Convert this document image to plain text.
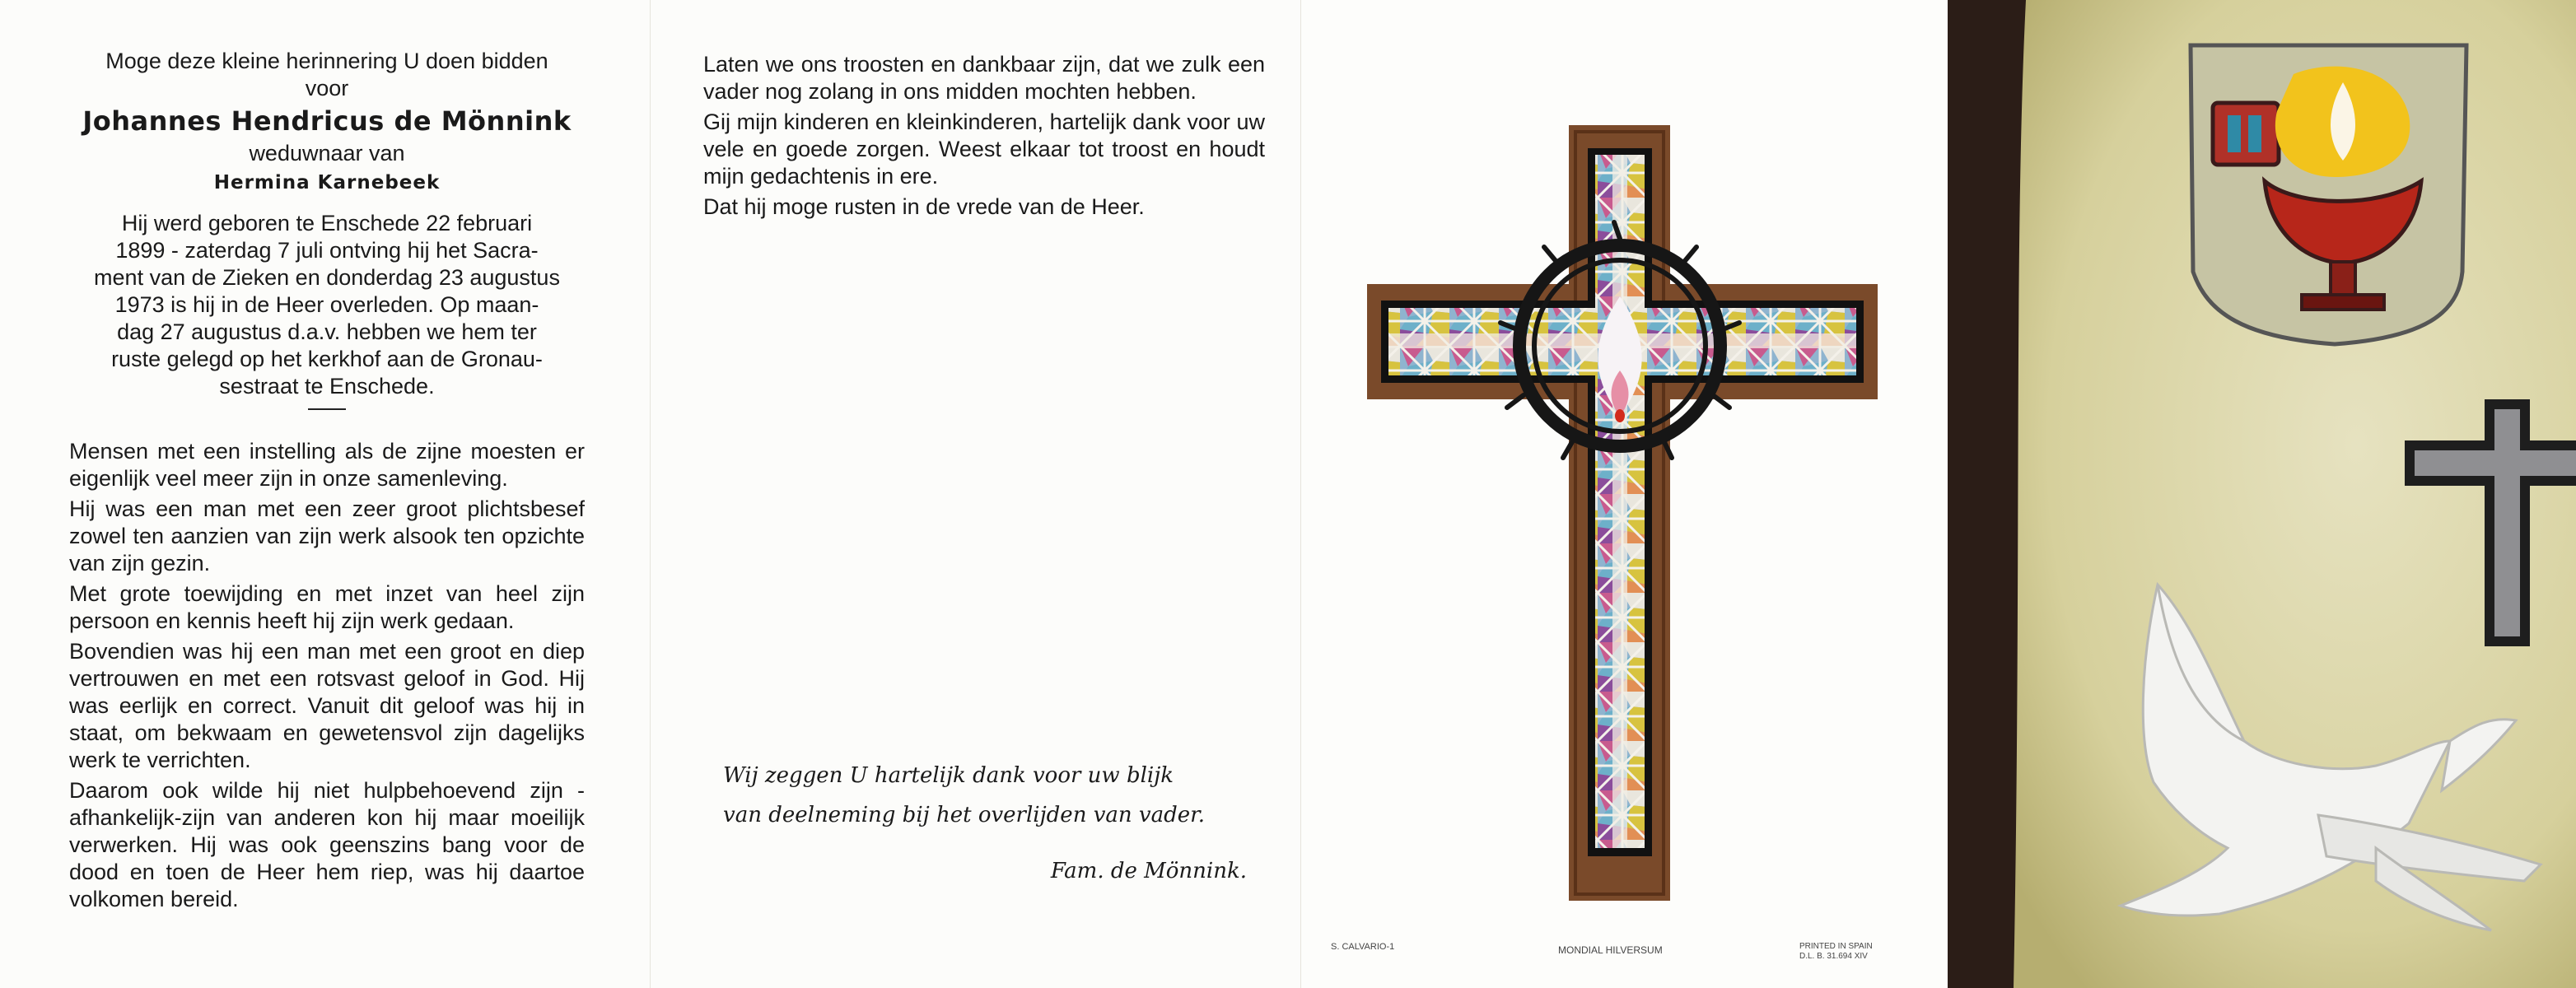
Moge deze kleine herinnering U doen bidden
voor
Johannes Hendricus de Mönnink
weduwnaar van
Hermina Karnebeek
Hij werd geboren te Enschede 22 februari
1899 - zaterdag 7 juli ontving hij het Sacra-
ment van de Zieken en donderdag 23 augustus
1973 is hij in de Heer overleden. Op maan-
dag 27 augustus d.a.v. hebben we hem ter
ruste gelegd op het kerkhof aan de Gronau-
sestraat te Enschede.

Mensen met een instelling als de zijne moesten er eigenlijk veel meer zijn in onze samenleving.

Hij was een man met een zeer groot plichtsbesef zowel ten aanzien van zijn werk alsook ten opzichte van zijn gezin.

Met grote toewijding en met inzet van heel zijn persoon en kennis heeft hij zijn werk gedaan.

Bovendien was hij een man met een groot en diep vertrouwen en met een rotsvast geloof in God. Hij was eerlijk en correct. Vanuit dit geloof was hij in staat, om bekwaam en gewetensvol zijn dagelijks werk te verrichten.

Daarom ook wilde hij niet hulpbehoevend zijn - afhankelijk-zijn van anderen kon hij maar moeilijk verwerken. Hij was ook geenszins bang voor de dood en toen de Heer hem riep, was hij daartoe volkomen bereid.

Laten we ons troosten en dankbaar zijn, dat we zulk een vader nog zolang in ons midden mochten hebben.

Gij mijn kinderen en kleinkinderen, hartelijk dank voor uw vele en goede zorgen. Weest elkaar tot troost en houdt mijn gedachtenis in ere.

Dat hij moge rusten in de vrede van de Heer.

Wij zeggen U hartelijk dank voor uw blijk
van deelneming bij het overlijden van vader.
Fam. de Mönnink.
S. CALVARIO-1	MONDIAL HILVERSUM	PRINTED IN SPAIN
D.L. B. 31.694 XIV
